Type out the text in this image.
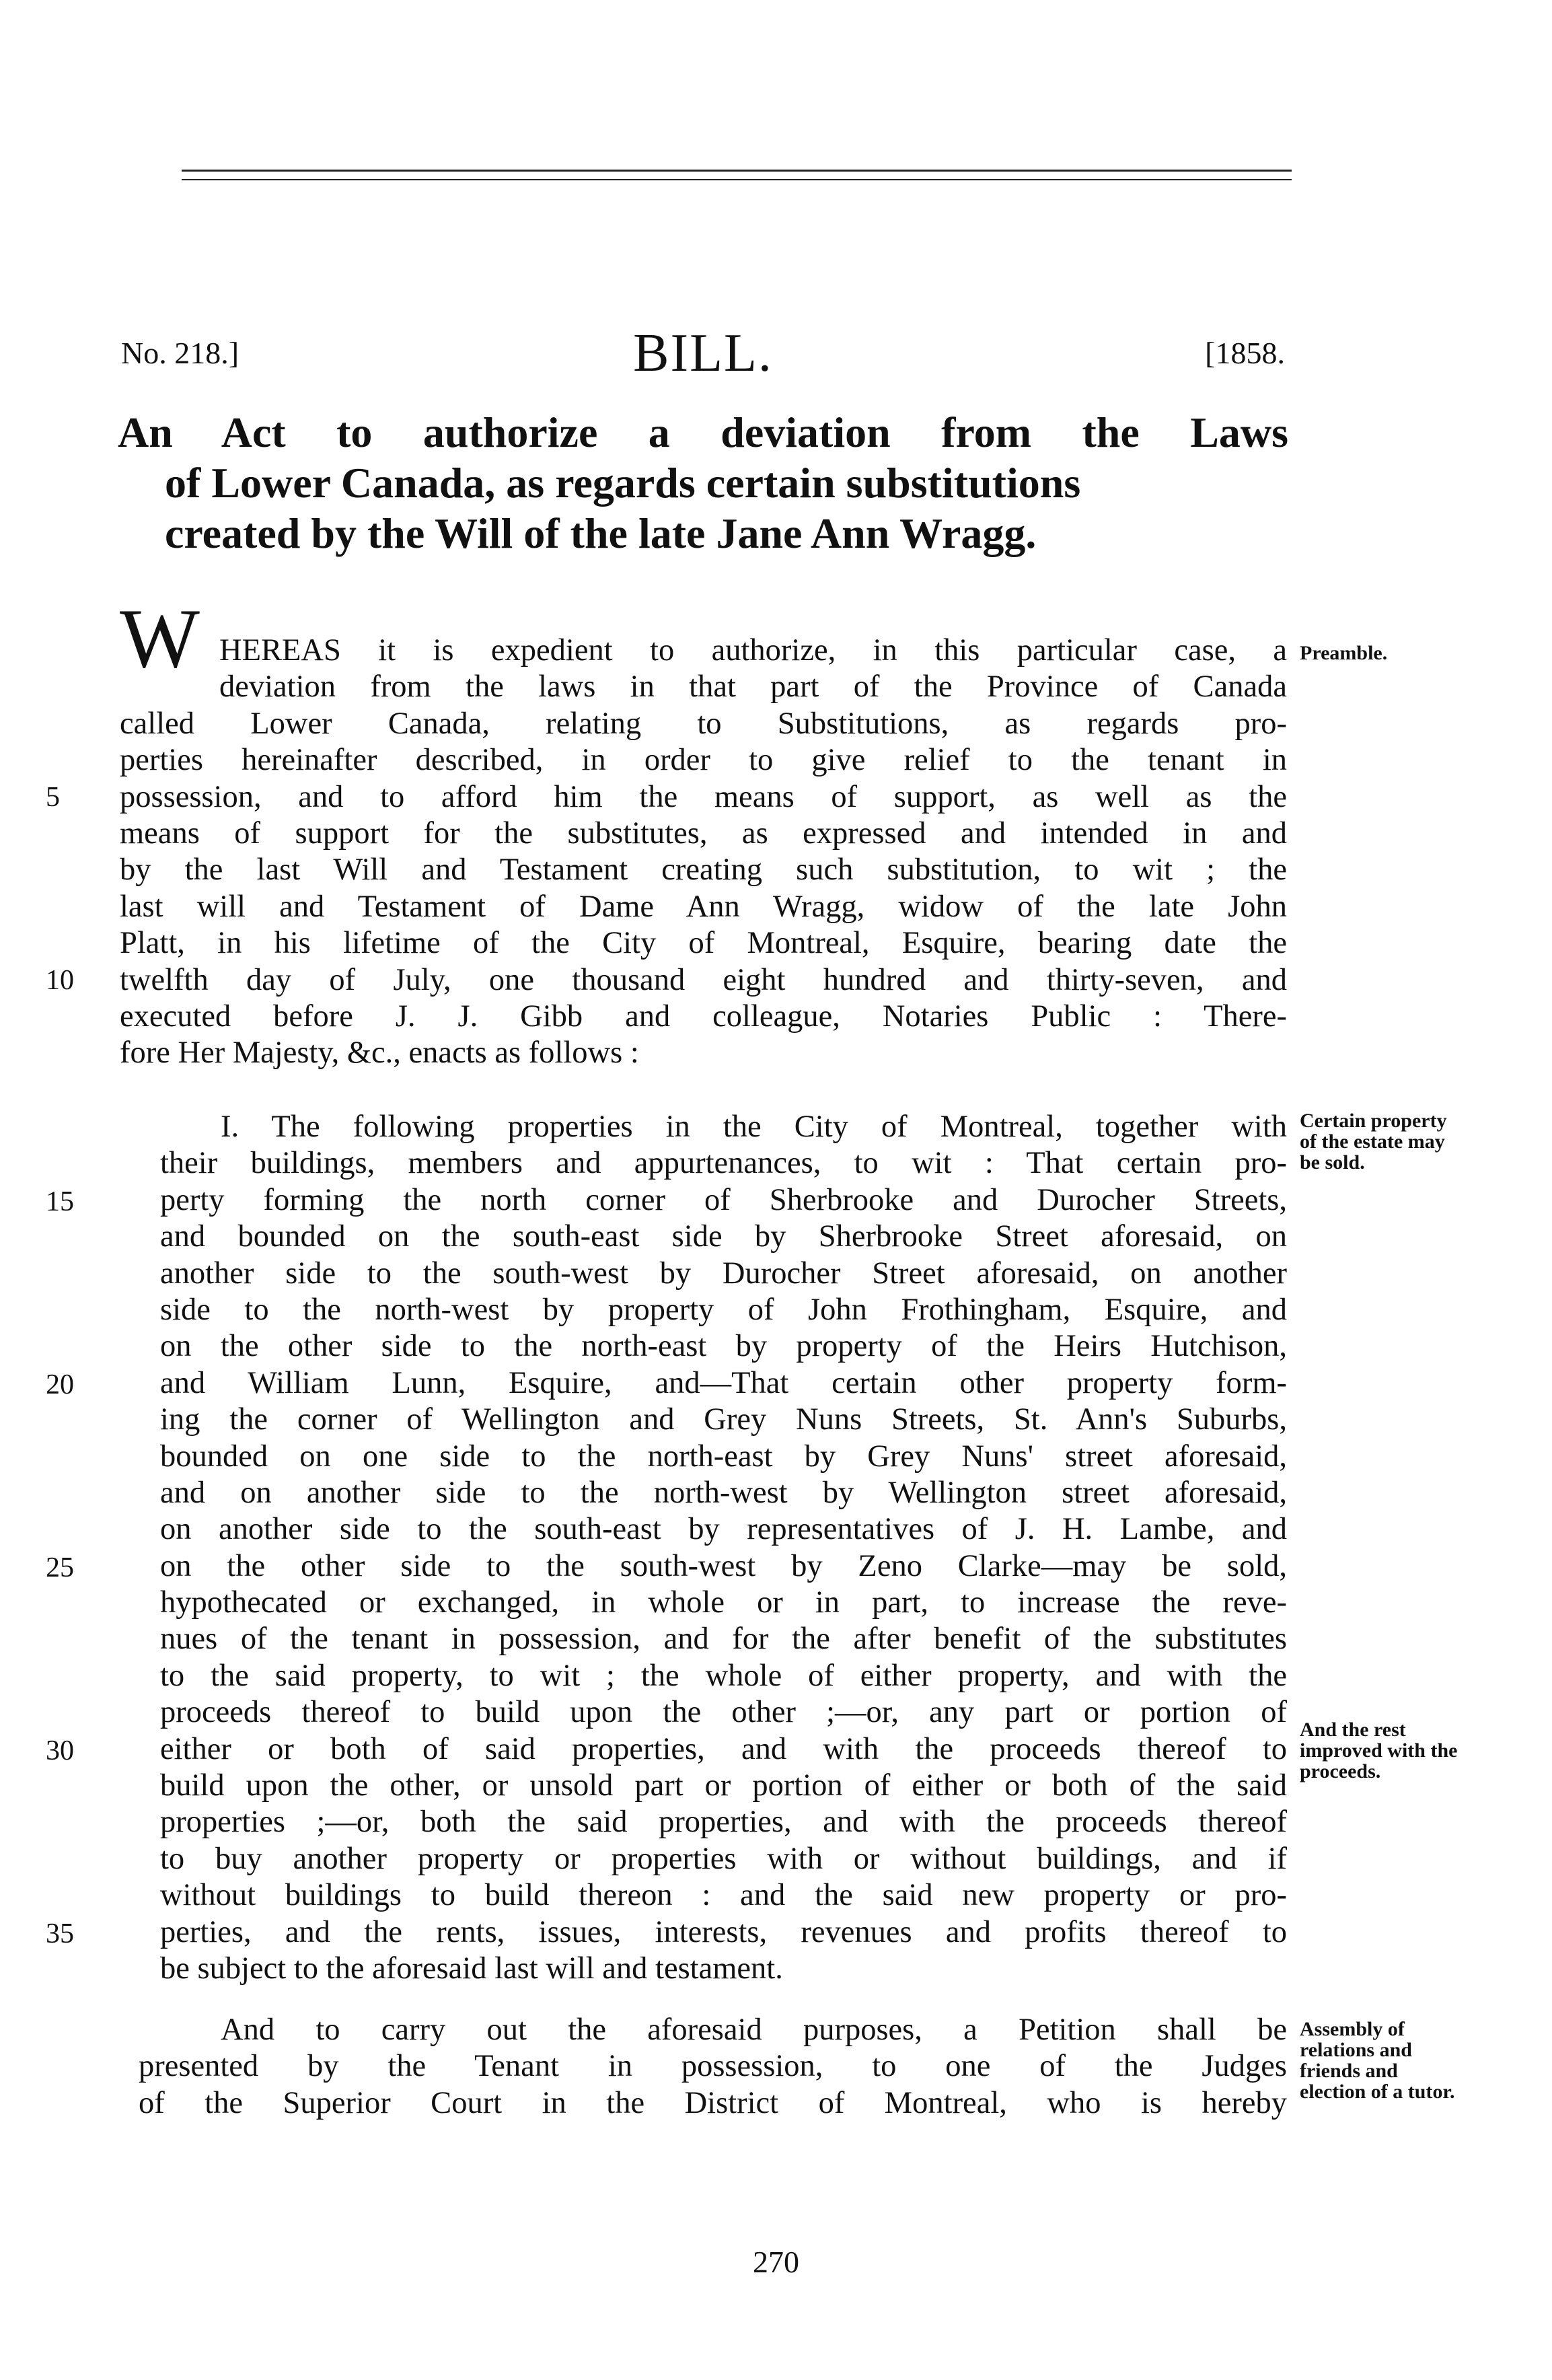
No. 218.]	BILL.	[1858.
An Act to authorize a deviation from the Laws
of Lower Canada, as regards certain substitutions
created by the Will of the late Jane Ann Wragg.
W HEREAS it is expedient to authorize, in this particular case, a
deviation from the laws in that part of the Province of Canada
called Lower Canada, relating to Substitutions, as regards pro-
perties hereinafter described, in order to give relief to the tenant in
possession, and to afford him the means of support, as well as the
means of support for the substitutes, as expressed and intended in and
by the last Will and Testament creating such substitution, to wit ; the
last will and Testament of Dame Ann Wragg, widow of the late John
Platt, in his lifetime of the City of Montreal, Esquire, bearing date the
twelfth day of July, one thousand eight hundred and thirty-seven, and
executed before J. J. Gibb and colleague, Notaries Public : There-
fore Her Majesty, &c., enacts as follows :
I. The following properties in the City of Montreal, together with
their buildings, members and appurtenances, to wit : That certain pro-
perty forming the north corner of Sherbrooke and Durocher Streets,
and bounded on the south-east side by Sherbrooke Street aforesaid, on
another side to the south-west by Durocher Street aforesaid, on another
side to the north-west by property of John Frothingham, Esquire, and
on the other side to the north-east by property of the Heirs Hutchison,
and William Lunn, Esquire, and—That certain other property form-
ing the corner of Wellington and Grey Nuns Streets, St. Ann's Suburbs,
bounded on one side to the north-east by Grey Nuns' street aforesaid,
and on another side to the north-west by Wellington street aforesaid,
on another side to the south-east by representatives of J. H. Lambe, and
on the other side to the south-west by Zeno Clarke—may be sold,
hypothecated or exchanged, in whole or in part, to increase the reve-
nues of the tenant in possession, and for the after benefit of the substitutes
to the said property, to wit ; the whole of either property, and with the
proceeds thereof to build upon the other ;—or, any part or portion of
either or both of said properties, and with the proceeds thereof to
build upon the other, or unsold part or portion of either or both of the said
properties ;—or, both the said properties, and with the proceeds thereof
to buy another property or properties with or without buildings, and if
without buildings to build thereon : and the said new property or pro-
perties, and the rents, issues, interests, revenues and profits thereof to
be subject to the aforesaid last will and testament.
And to carry out the aforesaid purposes, a Petition shall be
presented by the Tenant in possession, to one of the Judges
of the Superior Court in the District of Montreal, who is hereby
5
10
15
20
25
30
35
Preamble.
Certain property of the estate may be sold.
And the rest improved with the proceeds.
Assembly of relations and friends and election of a tutor.
270
